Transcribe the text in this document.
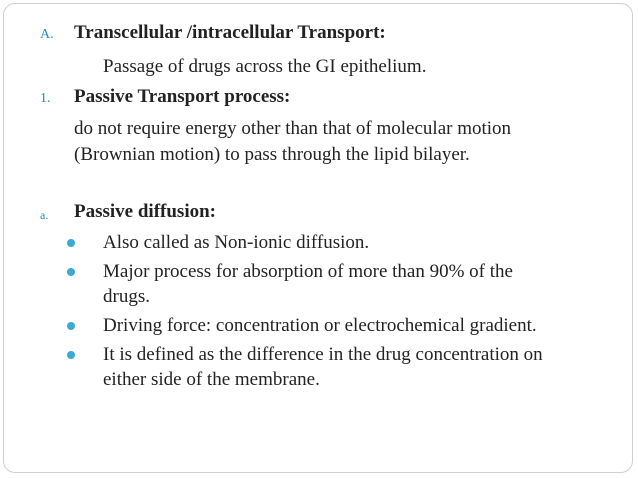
A. Transcellular /intracellular Transport:
Passage of drugs across the GI epithelium.
1. Passive Transport process:
do not require energy other than that of molecular motion
(Brownian motion) to pass through the lipid bilayer.
a. Passive diffusion:
Also called as Non-ionic diffusion.
Major process for absorption of more than 90% of the
drugs.
Driving force: concentration or electrochemical gradient.
It is defined as the difference in the drug concentration on
either side of the membrane.
